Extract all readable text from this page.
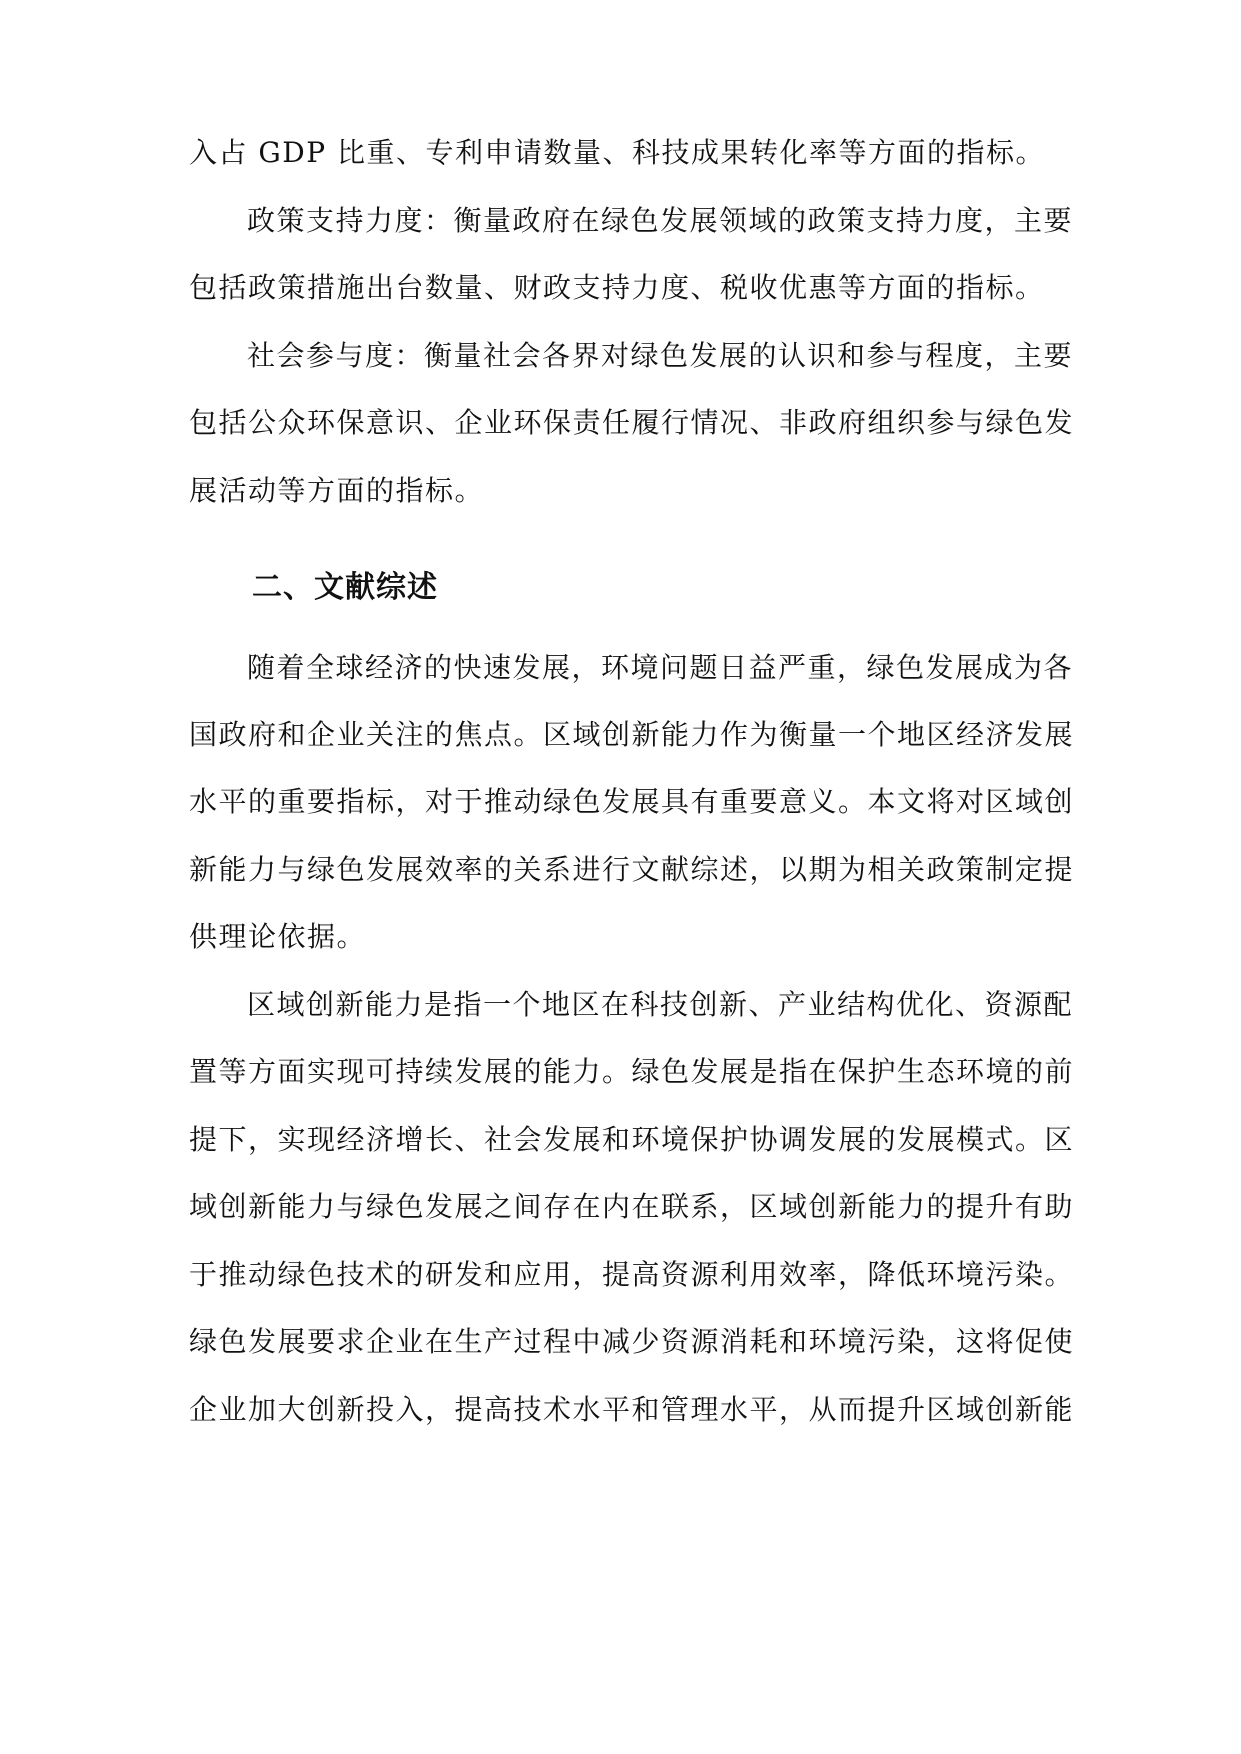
入占 GDP 比重、专利申请数量、科技成果转化率等方面的指标。
政策支持力度：衡量政府在绿色发展领域的政策支持力度，主要
包括政策措施出台数量、财政支持力度、税收优惠等方面的指标。
社会参与度：衡量社会各界对绿色发展的认识和参与程度，主要
包括公众环保意识、企业环保责任履行情况、非政府组织参与绿色发
展活动等方面的指标。
二、文献综述
随着全球经济的快速发展，环境问题日益严重，绿色发展成为各
国政府和企业关注的焦点。区域创新能力作为衡量一个地区经济发展
水平的重要指标，对于推动绿色发展具有重要意义。本文将对区域创
新能力与绿色发展效率的关系进行文献综述，以期为相关政策制定提
供理论依据。
区域创新能力是指一个地区在科技创新、产业结构优化、资源配
置等方面实现可持续发展的能力。绿色发展是指在保护生态环境的前
提下，实现经济增长、社会发展和环境保护协调发展的发展模式。区
域创新能力与绿色发展之间存在内在联系，区域创新能力的提升有助
于推动绿色技术的研发和应用，提高资源利用效率，降低环境污染。
绿色发展要求企业在生产过程中减少资源消耗和环境污染，这将促使
企业加大创新投入，提高技术水平和管理水平，从而提升区域创新能
